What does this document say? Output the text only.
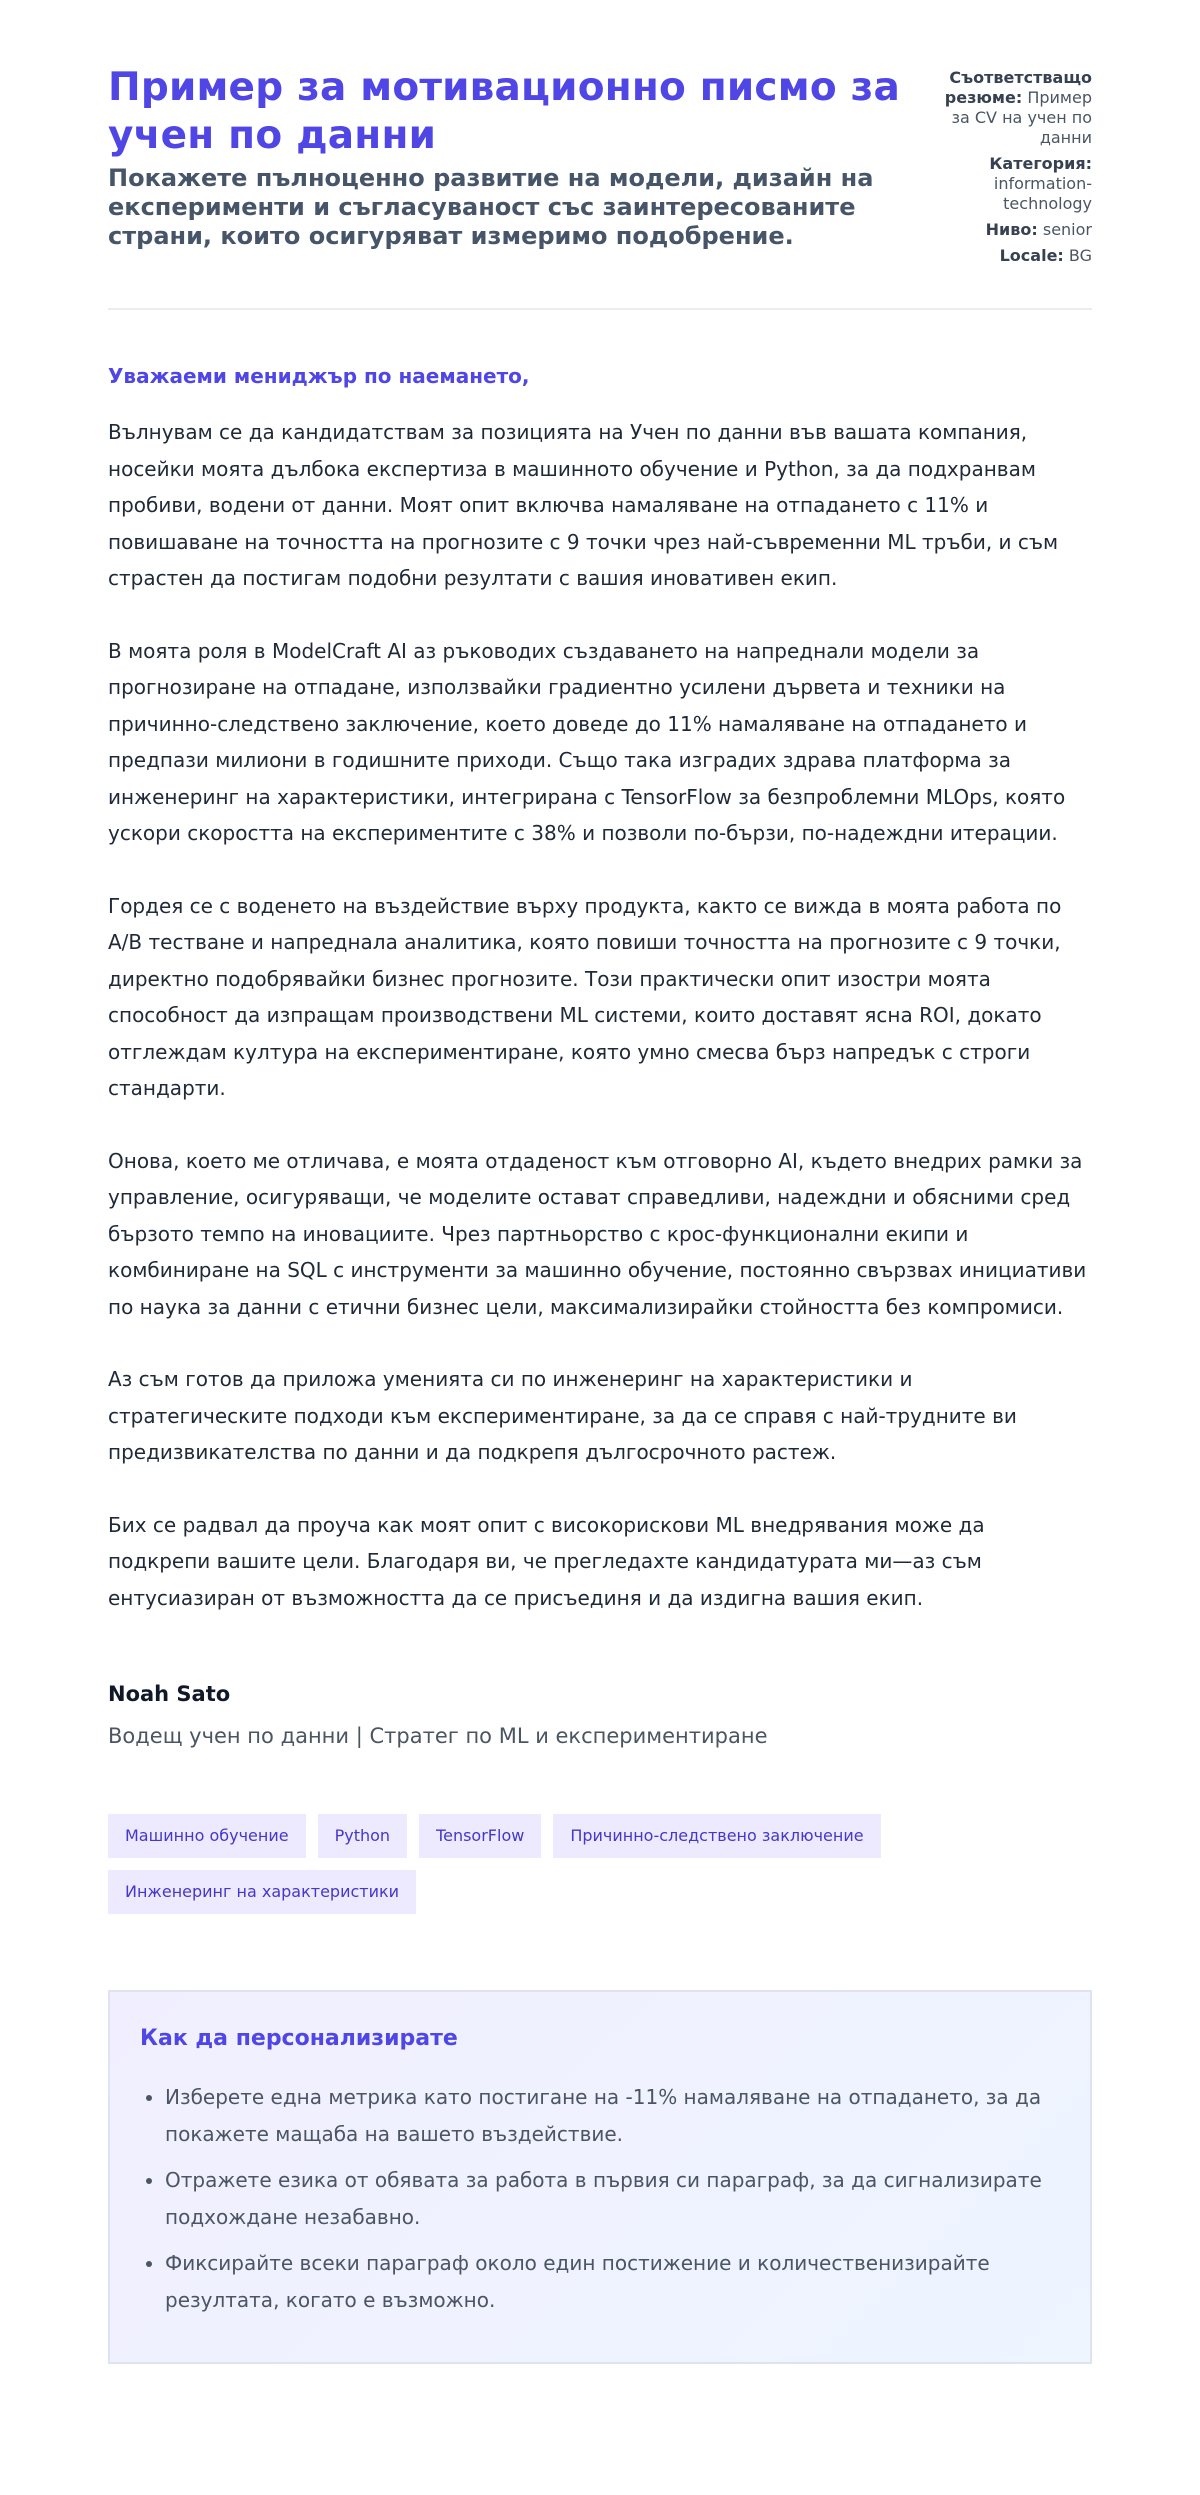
Пример за мотивационно писмо за учен по данни
Покажете пълноценно развитие на модели, дизайн на експерименти и съгласуваност със заинтересованите страни, които осигуряват измеримо подобрение.
Съответстващо резюме: Пример за CV на учен по данни
Категория: information-technology
Ниво: senior
Locale: BG

Уважаеми мениджър по наемането,

Вълнувам се да кандидатствам за позицията на Учен по данни във вашата компания, носейки моята дълбока експертиза в машинното обучение и Python, за да подхранвам пробиви, водени от данни. Моят опит включва намаляване на отпадането с 11% и повишаване на точността на прогнозите с 9 точки чрез най-съвременни ML тръби, и съм страстен да постигам подобни резултати с вашия иновативен екип.

В моята роля в ModelCraft AI аз ръководих създаването на напреднали модели за прогнозиране на отпадане, използвайки градиентно усилени дървета и техники на причинно-следствено заключение, което доведе до 11% намаляване на отпадането и предпази милиони в годишните приходи. Също така изградих здрава платформа за инженеринг на характеристики, интегрирана с TensorFlow за безпроблемни MLOps, която ускори скоростта на експериментите с 38% и позволи по-бързи, по-надеждни итерации.

Гордея се с воденето на въздействие върху продукта, както се вижда в моята работа по A/B тестване и напреднала аналитика, която повиши точността на прогнозите с 9 точки, директно подобрявайки бизнес прогнозите. Този практически опит изостри моята способност да изпращам производствени ML системи, които доставят ясна ROI, докато отглеждам култура на експериментиране, която умно смесва бърз напредък с строги стандарти.

Онова, което ме отличава, е моята отдаденост към отговорно AI, където внедрих рамки за управление, осигуряващи, че моделите остават справедливи, надеждни и обясними сред бързото темпо на иновациите. Чрез партньорство с крос-функционални екипи и комбиниране на SQL с инструменти за машинно обучение, постоянно свързвах инициативи по наука за данни с етични бизнес цели, максимализирайки стойността без компромиси.

Аз съм готов да приложа уменията си по инженеринг на характеристики и стратегическите подходи към експериментиране, за да се справя с най-трудните ви предизвикателства по данни и да подкрепя дългосрочното растеж.

Бих се радвал да проуча как моят опит с високорискови ML внедрявания може да подкрепи вашите цели. Благодаря ви, че прегледахте кандидатурата ми—аз съм ентусиазиран от възможността да се присъединя и да издигна вашия екип.

Noah Sato

Водещ учен по данни | Стратег по ML и експериментиране

Машинно обучение	Python	TensorFlow	Причинно-следствено заключение
Инженеринг на характеристики
Как да персонализирате
• Изберете една метрика като постигане на -11% намаляване на отпадането, за да покажете мащаба на вашето въздействие.
• Отражете езика от обявата за работа в първия си параграф, за да сигнализирате подхождане незабавно.
• Фиксирайте всеки параграф около един постижение и количественизирайте резултата, когато е възможно.
